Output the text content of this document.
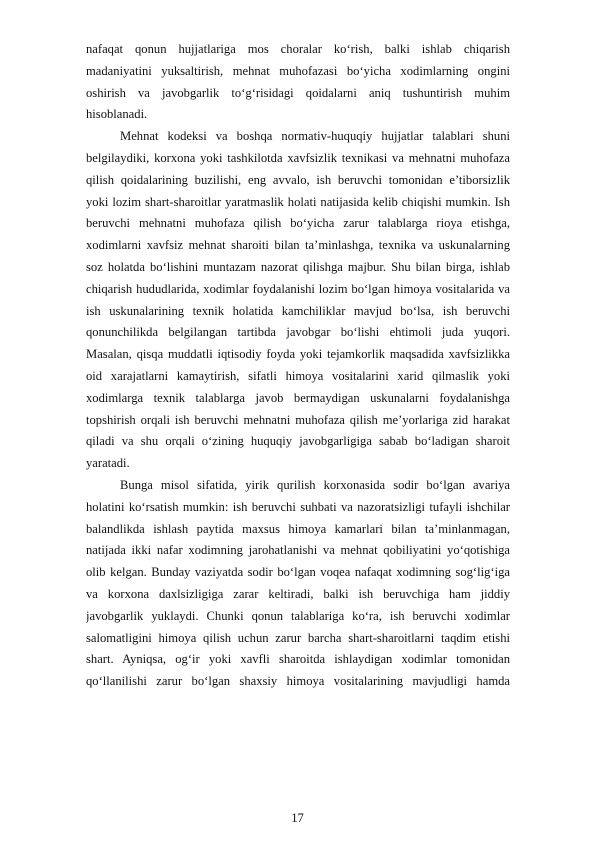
nafaqat qonun hujjatlariga mos choralar ko‘rish, balki ishlab chiqarish
madaniyatini yuksaltirish, mehnat muhofazasi bo‘yicha xodimlarning ongini
oshirish va javobgarlik to‘g‘risidagi qoidalarni aniq tushuntirish muhim
hisoblanadi.
Mehnat kodeksi va boshqa normativ-huquqiy hujjatlar talablari shuni
belgilaydiki, korxona yoki tashkilotda xavfsizlik texnikasi va mehnatni muhofaza
qilish qoidalarining buzilishi, eng avvalo, ish beruvchi tomonidan e’tiborsizlik
yoki lozim shart-sharoitlar yaratmaslik holati natijasida kelib chiqishi mumkin. Ish
beruvchi mehnatni muhofaza qilish bo‘yicha zarur talablarga rioya etishga,
xodimlarni xavfsiz mehnat sharoiti bilan ta’minlashga, texnika va uskunalarning
soz holatda bo‘lishini muntazam nazorat qilishga majbur. Shu bilan birga, ishlab
chiqarish hududlarida, xodimlar foydalanishi lozim bo‘lgan himoya vositalarida va
ish uskunalarining texnik holatida kamchiliklar mavjud bo‘lsa, ish beruvchi
qonunchilikda belgilangan tartibda javobgar bo‘lishi ehtimoli juda yuqori.
Masalan, qisqa muddatli iqtisodiy foyda yoki tejamkorlik maqsadida xavfsizlikka
oid xarajatlarni kamaytirish, sifatli himoya vositalarini xarid qilmaslik yoki
xodimlarga texnik talablarga javob bermaydigan uskunalarni foydalanishga
topshirish orqali ish beruvchi mehnatni muhofaza qilish me’yorlariga zid harakat
qiladi va shu orqali o‘zining huquqiy javobgarligiga sabab bo‘ladigan sharoit
yaratadi.
Bunga misol sifatida, yirik qurilish korxonasida sodir bo‘lgan avariya
holatini ko‘rsatish mumkin: ish beruvchi suhbati va nazoratsizligi tufayli ishchilar
balandlikda ishlash paytida maxsus himoya kamarlari bilan ta’minlanmagan,
natijada ikki nafar xodimning jarohatlanishi va mehnat qobiliyatini yo‘qotishiga
olib kelgan. Bunday vaziyatda sodir bo‘lgan voqea nafaqat xodimning sog‘lig‘iga
va korxona daxlsizligiga zarar keltiradi, balki ish beruvchiga ham jiddiy
javobgarlik yuklaydi. Chunki qonun talablariga ko‘ra, ish beruvchi xodimlar
salomatligini himoya qilish uchun zarur barcha shart-sharoitlarni taqdim etishi
shart. Ayniqsa, og‘ir yoki xavfli sharoitda ishlaydigan xodimlar tomonidan
qo‘llanilishi zarur bo‘lgan shaxsiy himoya vositalarining mavjudligi hamda
17
